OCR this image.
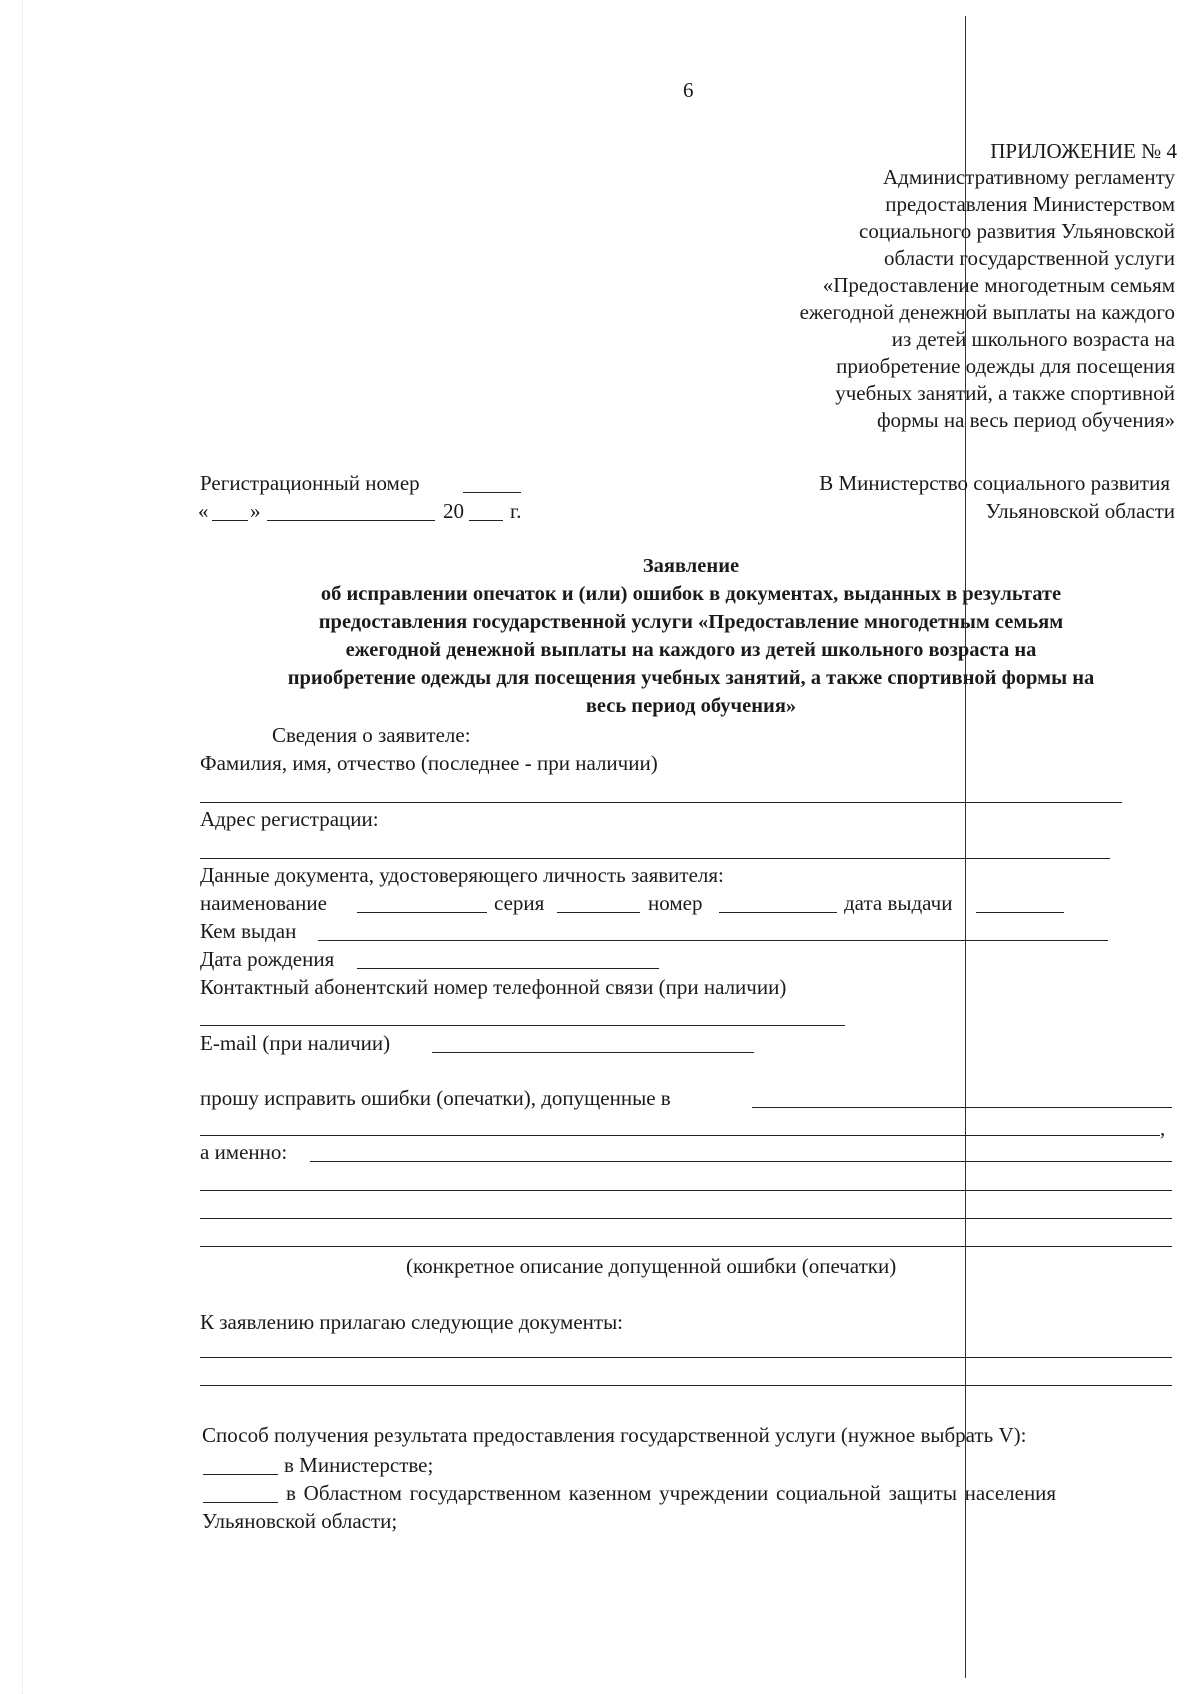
6
ПРИЛОЖЕНИЕ № 4
Административному регламенту
предоставления Министерством
социального развития Ульяновской
области государственной услуги
«Предоставление многодетным семьям
ежегодной денежной выплаты на каждого
из детей школьного возраста на
приобретение одежды для посещения
учебных занятий, а также спортивной
формы на весь период обучения»
Регистрационный номер
« »	20 г.
В Министерство социального развития
Ульяновской области
Заявление
об исправлении опечаток и (или) ошибок в документах, выданных в результате
предоставления государственной услуги «Предоставление многодетным семьям
ежегодной денежной выплаты на каждого из детей школьного возраста на
приобретение одежды для посещения учебных занятий, а также спортивной формы на
весь период обучения»
Сведения о заявителе:
Фамилия, имя, отчество (последнее - при наличии)
Адрес регистрации:
Данные документа, удостоверяющего личность заявителя:
наименование	серия	номер	дата выдачи
Кем выдан
Дата рождения
Контактный абонентский номер телефонной связи (при наличии)
E-mail (при наличии)
прошу исправить ошибки (опечатки), допущенные в
,
а именно:
(конкретное описание допущенной ошибки (опечатки)
К заявлению прилагаю следующие документы:
Способ получения результата предоставления государственной услуги (нужное выбрать V):
в Министерстве;
в Областном государственном казенном учреждении социальной защиты населения
Ульяновской области;
